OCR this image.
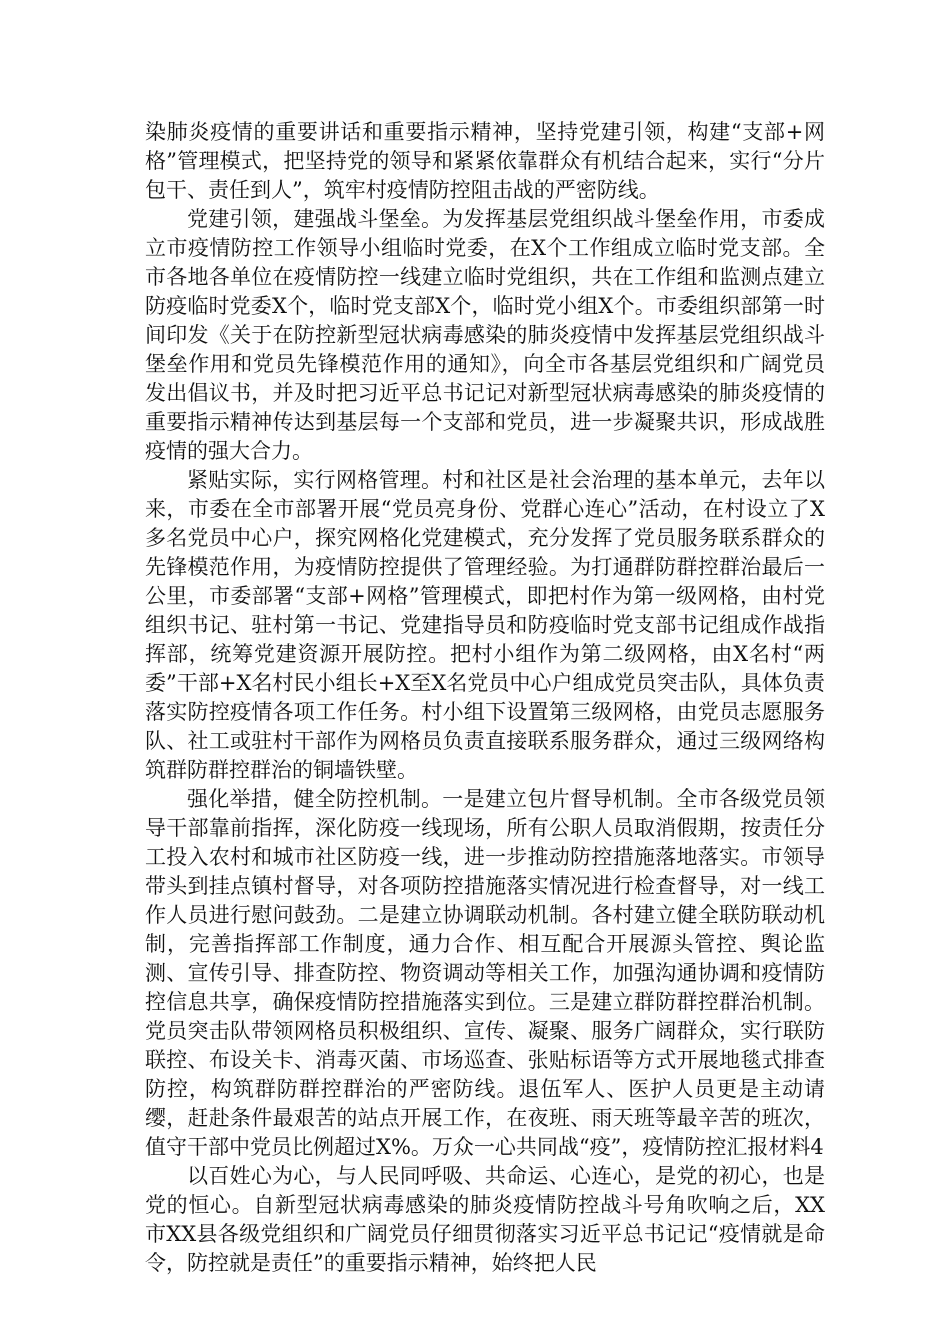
染肺炎疫情的重要讲话和重要指示精神，坚持党建引领，构建“支部+网格”管理模式，把坚持党的领导和紧紧依靠群众有机结合起来，实行“分片包干、责任到人”，筑牢村疫情防控阻击战的严密防线。

党建引领，建强战斗堡垒。为发挥基层党组织战斗堡垒作用，市委成立市疫情防控工作领导小组临时党委，在X个工作组成立临时党支部。全市各地各单位在疫情防控一线建立临时党组织，共在工作组和监测点建立防疫临时党委X个，临时党支部X个，临时党小组X个。市委组织部第一时间印发《关于在防控新型冠状病毒感染的肺炎疫情中发挥基层党组织战斗堡垒作用和党员先锋模范作用的通知》，向全市各基层党组织和广阔党员发出倡议书，并及时把习近平总书记记对新型冠状病毒感染的肺炎疫情的重要指示精神传达到基层每一个支部和党员，进一步凝聚共识，形成战胜疫情的强大合力。

紧贴实际，实行网格管理。村和社区是社会治理的基本单元，去年以来，市委在全市部署开展“党员亮身份、党群心连心”活动，在村设立了X多名党员中心户，探究网格化党建模式，充分发挥了党员服务联系群众的先锋模范作用，为疫情防控提供了管理经验。为打通群防群控群治最后一公里，市委部署“支部+网格”管理模式，即把村作为第一级网格，由村党组织书记、驻村第一书记、党建指导员和防疫临时党支部书记组成作战指挥部，统筹党建资源开展防控。把村小组作为第二级网格，由X名村“两委”干部+X名村民小组长+X至X名党员中心户组成党员突击队，具体负责落实防控疫情各项工作任务。村小组下设置第三级网格，由党员志愿服务队、社工或驻村干部作为网格员负责直接联系服务群众，通过三级网络构筑群防群控群治的铜墙铁壁。

强化举措，健全防控机制。一是建立包片督导机制。全市各级党员领导干部靠前指挥，深化防疫一线现场，所有公职人员取消假期，按责任分工投入农村和城市社区防疫一线，进一步推动防控措施落地落实。市领导带头到挂点镇村督导，对各项防控措施落实情况进行检查督导，对一线工作人员进行慰问鼓劲。二是建立协调联动机制。各村建立健全联防联动机制，完善指挥部工作制度，通力合作、相互配合开展源头管控、舆论监测、宣传引导、排查防控、物资调动等相关工作，加强沟通协调和疫情防控信息共享，确保疫情防控措施落实到位。三是建立群防群控群治机制。党员突击队带领网格员积极组织、宣传、凝聚、服务广阔群众，实行联防联控、布设关卡、消毒灭菌、市场巡查、张贴标语等方式开展地毯式排查防控，构筑群防群控群治的严密防线。退伍军人、医护人员更是主动请缨，赶赴条件最艰苦的站点开展工作，在夜班、雨天班等最辛苦的班次，值守干部中党员比例超过X%。万众一心共同战“疫”，疫情防控汇报材料4

以百姓心为心，与人民同呼吸、共命运、心连心，是党的初心，也是党的恒心。自新型冠状病毒感染的肺炎疫情防控战斗号角吹响之后，XX市XX县各级党组织和广阔党员仔细贯彻落实习近平总书记记“疫情就是命令，防控就是责任”的重要指示精神，始终把人民
